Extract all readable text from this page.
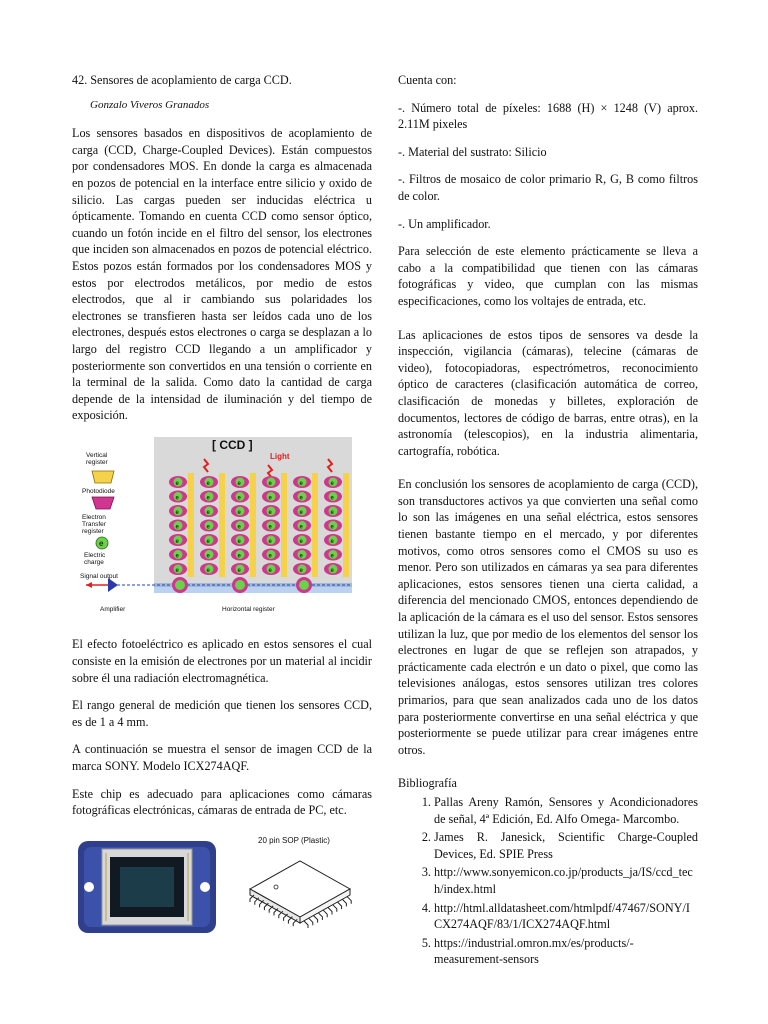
42. Sensores de acoplamiento de carga CCD.

Gonzalo Viveros Granados

Los sensores basados en dispositivos de acoplamiento de carga (CCD, Charge-Coupled Devices). Están compuestos por condensadores MOS. En donde la carga es almacenada en pozos de potencial en la interface entre silicio y oxido de silicio. Las cargas pueden ser inducidas eléctrica u ópticamente. Tomando en cuenta CCD como sensor óptico, cuando un fotón incide en el filtro del sensor, los electrones que inciden son almacenados en pozos de potencial eléctrico. Estos pozos están formados por los condensadores MOS y estos por electrodos metálicos, por medio de estos electrodos, que al ir cambiando sus polaridades los electrones se transfieren hasta ser leídos cada uno de los electrones, después estos electrones o carga se desplazan a lo largo del registro CCD llegando a un amplificador y posteriormente son convertidos en una tensión o corriente en la terminal de la salida. Como dato la cantidad de carga depende de la intensidad de iluminación y del tiempo de exposición.

[ CCD ]
Light
Vertical register
Photodiode
Electron Transfer register
e
Electric charge
e
e
e
e
e
e
e
e
e
e
e
e
e
e
e
e
e
e
e
e
e
e
e
e
e
e
e
e
e
e
e
e
e
e
e
e
e
e
e
e
e
e
Signal output
Amplifier	Horizontal register

El efecto fotoeléctrico es aplicado en estos sensores el cual consiste en la emisión de electrones por un material al incidir sobre él una radiación electromagnética.

El rango general de medición que tienen los sensores CCD, es de 1 a 4 mm.

A continuación se muestra el sensor de imagen CCD de la marca SONY. Modelo ICX274AQF.

Este chip es adecuado para aplicaciones como cámaras fotográficas electrónicas, cámaras de entrada de PC, etc.

20 pin SOP (Plastic)

Cuenta con:

-. Número total de píxeles: 1688 (H) × 1248 (V) aprox. 2.11M pixeles

-. Material del sustrato: Silicio

-. Filtros de mosaico de color primario R, G, B como filtros de color.

-. Un amplificador.

Para selección de este elemento prácticamente se lleva a cabo a la compatibilidad que tienen con las cámaras fotográficas y video, que cumplan con las mismas especificaciones, como los voltajes de entrada, etc.

Las aplicaciones de estos tipos de sensores va desde la inspección, vigilancia (cámaras), telecine (cámaras de video), fotocopiadoras, espectrómetros, reconocimiento óptico de caracteres (clasificación automática de correo, clasificación de monedas y billetes, exploración de documentos, lectores de código de barras, entre otras), en la astronomía (telescopios), en la industria alimentaria, cartografía, robótica.

En conclusión los sensores de acoplamiento de carga (CCD), son transductores activos ya que convierten una señal como lo son las imágenes en una señal eléctrica, estos sensores tienen bastante tiempo en el mercado, y por diferentes motivos, como otros sensores como el CMOS su uso es menor. Pero son utilizados en cámaras ya sea para diferentes aplicaciones, estos sensores tienen una cierta calidad, a diferencia del mencionado CMOS, entonces dependiendo de la aplicación de la cámara es el uso del sensor. Estos sensores utilizan la luz, que por medio de los elementos del sensor los electrones en lugar de que se reflejen son atrapados, y prácticamente cada electrón e un dato o pixel, que como las televisiones análogas, estos sensores utilizan tres colores primarios, para que sean analizados cada uno de los datos para posteriormente convertirse en una señal eléctrica y que posteriormente se puede utilizar para crear imágenes entre otros.

Bibliografía

1. Pallas Areny Ramón, Sensores y Acondicionadores de señal, 4ª Edición, Ed. Alfo Omega- Marcombo.
2. James R. Janesick, Scientific Charge-Coupled Devices, Ed. SPIE Press
3. http://www.sonyemicon.co.jp/products_ja/IS/ccd_tech/index.html
4. http://html.alldatasheet.com/htmlpdf/47467/SONY/ICX274AQF/83/1/ICX274AQF.html
5. https://industrial.omron.mx/es/products/-measurement-sensors
